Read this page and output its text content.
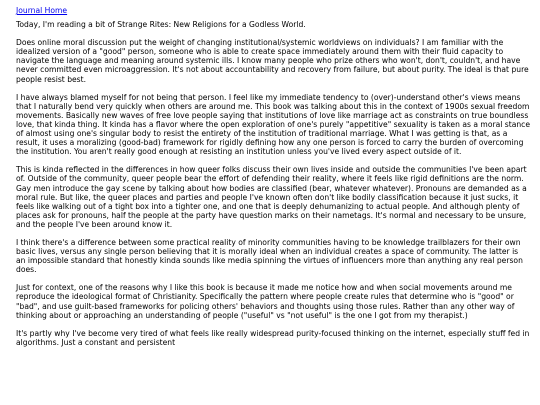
Journal Home

Today, I'm reading a bit of Strange Rites: New Religions for a Godless World.

Does online moral discussion put the weight of changing institutional/systemic worldviews on individuals? I am familiar with the idealized version of a "good" person, someone who is able to create space immediately around them with their fluid capacity to navigate the language and meaning around systemic ills. I know many people who prize others who won't, don't, couldn't, and have never committed even microaggression. It's not about accountability and recovery from failure, but about purity. The ideal is that pure people resist best.

I have always blamed myself for not being that person. I feel like my immediate tendency to (over)-understand other's views means that I naturally bend very quickly when others are around me. This book was talking about this in the context of 1900s sexual freedom movements. Basically new waves of free love people saying that institutions of love like marriage act as constraints on true boundless love, that kinda thing. It kinda has a flavor where the open exploration of one's purely "appetitive" sexuality is taken as a moral stance of almost using one's singular body to resist the entirety of the institution of traditional marriage. What I was getting is that, as a result, it uses a moralizing (good-bad) framework for rigidly defining how any one person is forced to carry the burden of overcoming the institution. You aren't really good enough at resisting an institution unless you've lived every aspect outside of it.

This is kinda reflected in the differences in how queer folks discuss their own lives inside and outside the communities I've been apart of. Outside of the community, queer people bear the effort of defending their reality, where it feels like rigid definitions are the norm. Gay men introduce the gay scene by talking about how bodies are classified (bear, whatever whatever). Pronouns are demanded as a moral rule. But like, the queer places and parties and people I've known often don't like bodily classification because it just sucks, it feels like walking out of a tight box into a tighter one, and one that is deeply dehumanizing to actual people. And although plenty of places ask for pronouns, half the people at the party have question marks on their nametags. It's normal and necessary to be unsure, and the people I've been around know it.

I think there's a difference between some practical reality of minority communities having to be knowledge trailblazers for their own basic lives, versus any single person believing that it is morally ideal when an individual creates a space of community. The latter is an impossible standard that honestly kinda sounds like media spinning the virtues of influencers more than anything any real person does.

Just for context, one of the reasons why I like this book is because it made me notice how and when social movements around me reproduce the ideological format of Christianity. Specifically the pattern where people create rules that determine who is "good" or "bad", and use guilt-based frameworks for policing others' behaviors and thoughts using those rules. Rather than any other way of thinking about or approaching an understanding of people ("useful" vs "not useful" is the one I got from my therapist.)

It's partly why I've become very tired of what feels like really widespread purity-focused thinking on the internet, especially stuff fed in algorithms. Just a constant and persistent
